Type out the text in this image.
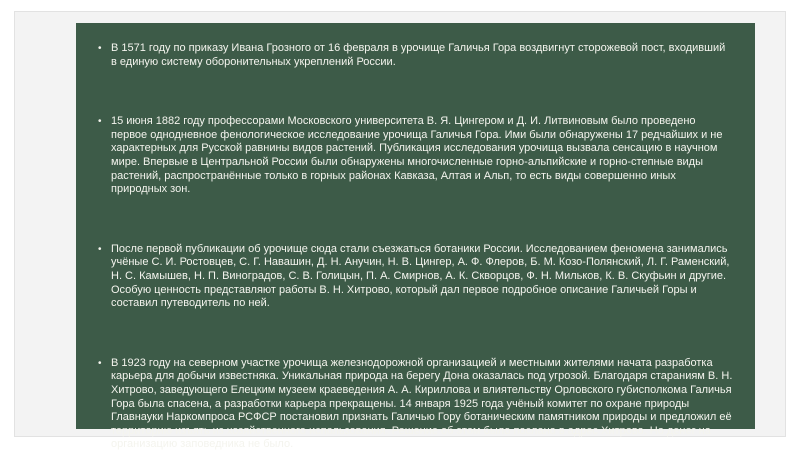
• В 1571 году по приказу Ивана Грозного от 16 февраля в урочище Галичья Гора воздвигнут сторожевой пост, входивший в единую систему оборонительных укреплений России.
• 15 июня 1882 году профессорами Московского университета В. Я. Цингером и Д. И. Литвиновым было проведено первое однодневное фенологическое исследование урочища Галичья Гора. Ими были обнаружены 17 редчайших и не характерных для Русской равнины видов растений. Публикация исследования урочища вызвала сенсацию в научном мире. Впервые в Центральной России были обнаружены многочисленные горно-альпийские и горно-степные виды растений, распространённые только в горных районах Кавказа, Алтая и Альп, то есть виды совершенно иных природных зон.
• После первой публикации об урочище сюда стали съезжаться ботаники России. Исследованием феномена занимались учёные С. И. Ростовцев, С. Г. Навашин, Д. Н. Анучин, Н. В. Цингер, А. Ф. Флеров, Б. М. Козо-Полянский, Л. Г. Раменский, Н. С. Камышев, Н. П. Виноградов, С. В. Голицын, П. А. Смирнов, А. К. Скворцов, Ф. Н. Мильков, К. В. Скуфьин и другие. Особую ценность представляют работы В. Н. Хитрово, который дал первое подробное описание Галичьей Горы и составил путеводитель по ней.
• В 1923 году на северном участке урочища железнодорожной организацией и местными жителями начата разработка карьера для добычи известняка. Уникальная природа на берегу Дона оказалась под угрозой. Благодаря стараниям В. Н. Хитрово, заведующего Елецким музеем краеведения А. А. Кириллова и влиятельству Орловского губисполкома Галичья Гора была спасена, а разработки карьера прекращены. 14 января 1925 года учёный комитет по охране природы Главнауки Наркомпроса РСФСР постановил признать Галичью Гору ботаническим памятником природы и предложил её территорию изъять из хозяйственного использования. Решение об этом было послано в адрес Хитрово. Но денег на организацию заповедника не было.
